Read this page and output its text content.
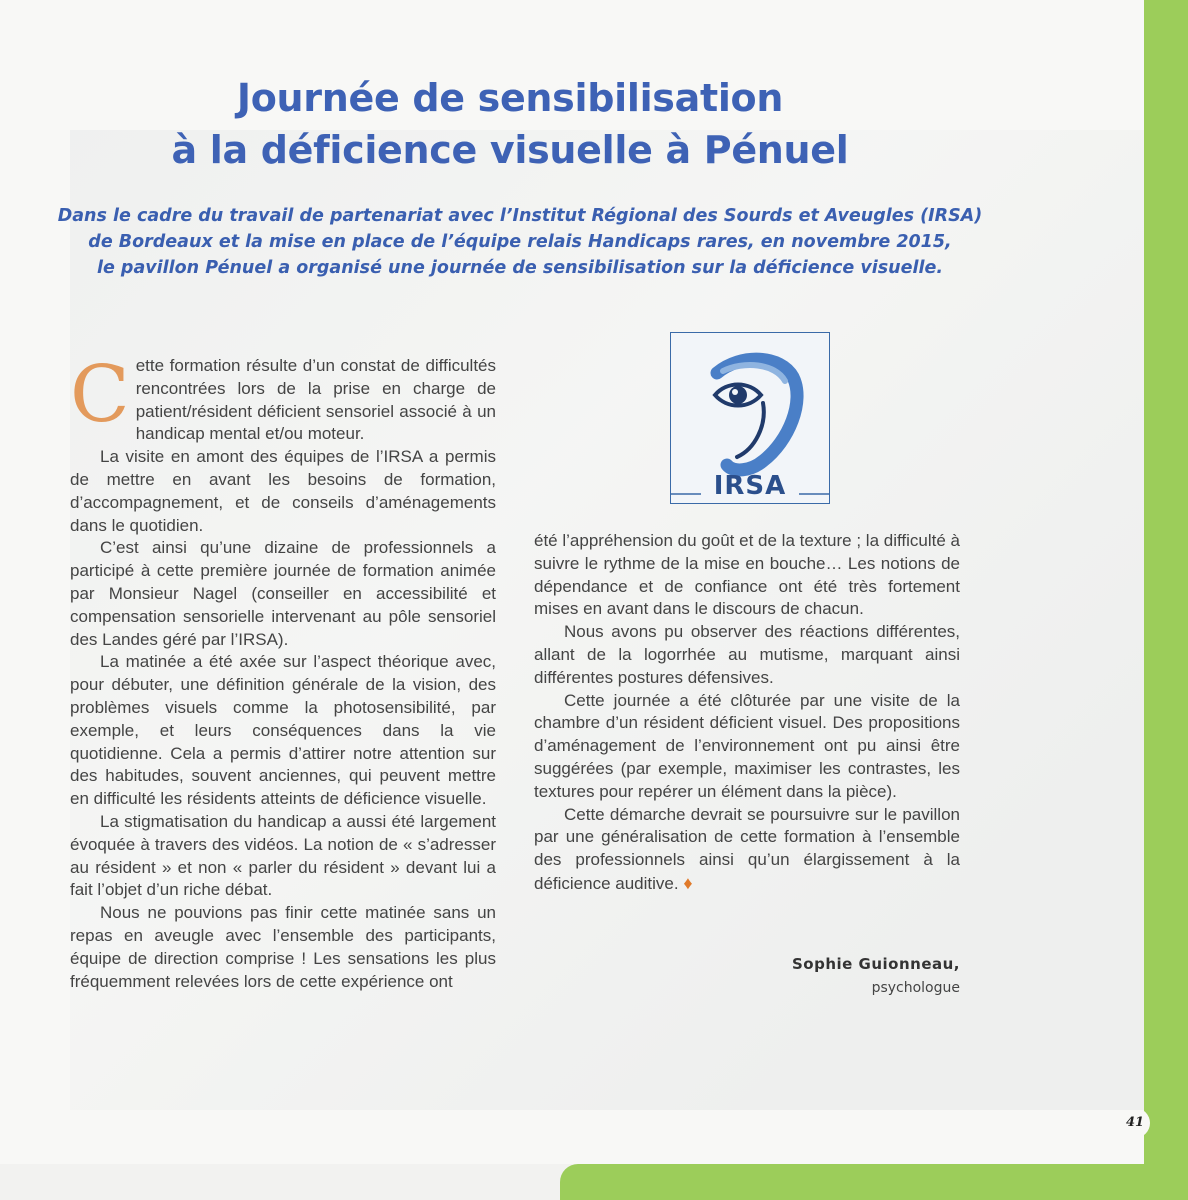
Journée de sensibilisation
à la déficience visuelle à Pénuel
Dans le cadre du travail de partenariat avec l’Institut Régional des Sourds et Aveugles (IRSA)
de Bordeaux et la mise en place de l’équipe relais Handicaps rares, en novembre 2015,
le pavillon Pénuel a organisé une journée de sensibilisation sur la déficience visuelle.

Cette formation résulte d’un constat de difficultés rencontrées lors de la prise en charge de patient/résident déficient sensoriel associé à un handicap mental et/ou moteur.

La visite en amont des équipes de l’IRSA a permis de mettre en avant les besoins de formation, d’accompagnement, et de conseils d’aménagements dans le quotidien.

C’est ainsi qu’une dizaine de professionnels a participé à cette première journée de formation animée par Monsieur Nagel (conseiller en accessibilité et compensation sensorielle intervenant au pôle sensoriel des Landes géré par l’IRSA).

La matinée a été axée sur l’aspect théorique avec, pour débuter, une définition générale de la vision, des problèmes visuels comme la photosensibilité, par exemple, et leurs conséquences dans la vie quotidienne. Cela a permis d’attirer notre attention sur des habitudes, souvent anciennes, qui peuvent mettre en difficulté les résidents atteints de déficience visuelle.

La stigmatisation du handicap a aussi été largement évoquée à travers des vidéos. La notion de « s’adresser au résident » et non « parler du résident » devant lui a fait l’objet d’un riche débat.

Nous ne pouvions pas finir cette matinée sans un repas en aveugle avec l’ensemble des participants, équipe de direction comprise ! Les sensations les plus fréquemment relevées lors de cette expérience ont

IRSA

été l’appréhension du goût et de la texture ; la difficulté à suivre le rythme de la mise en bouche… Les notions de dépendance et de confiance ont été très fortement mises en avant dans le discours de chacun.

Nous avons pu observer des réactions différentes, allant de la logorrhée au mutisme, marquant ainsi différentes postures défensives.

Cette journée a été clôturée par une visite de la chambre d’un résident déficient visuel. Des propositions d’aménagement de l’environnement ont pu ainsi être suggérées (par exemple, maximiser les contrastes, les textures pour repérer un élément dans la pièce).

Cette démarche devrait se poursuivre sur le pavillon par une généralisation de cette formation à l’ensemble des professionnels ainsi qu’un élargissement à la déficience auditive. ♦

Sophie Guionneau,
psychologue
41
